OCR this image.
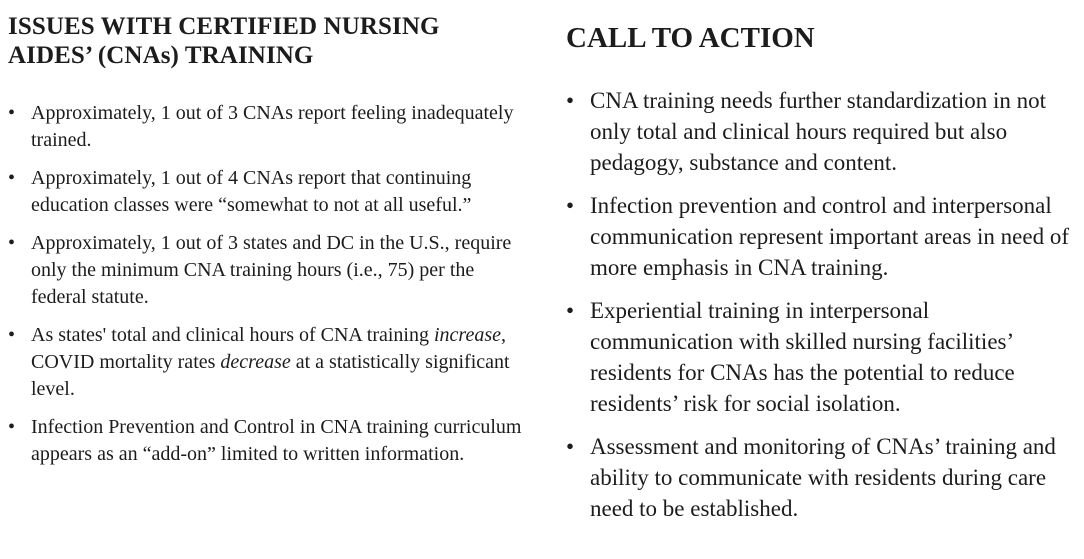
ISSUES WITH CERTIFIED NURSING
AIDES’ (CNAs) TRAINING
• Approximately, 1 out of 3 CNAs report feeling inadequately trained.
• Approximately, 1 out of 4 CNAs report that continuing education classes were “somewhat to not at all useful.”
• Approximately, 1 out of 3 states and DC in the U.S., require only the minimum CNA training hours (i.e., 75) per the federal statute.
• As states' total and clinical hours of CNA training increase, COVID mortality rates decrease at a statistically significant level.
• Infection Prevention and Control in CNA training curriculum appears as an “add-on” limited to written information.
CALL TO ACTION
• CNA training needs further standardization in not only total and clinical hours required but also pedagogy, substance and content.
• Infection prevention and control and interpersonal communication represent important areas in need of more emphasis in CNA training.
• Experiential training in interpersonal communication with skilled nursing facilities’ residents for CNAs has the potential to reduce residents’ risk for social isolation.
• Assessment and monitoring of CNAs’ training and ability to communicate with residents during care need to be established.
